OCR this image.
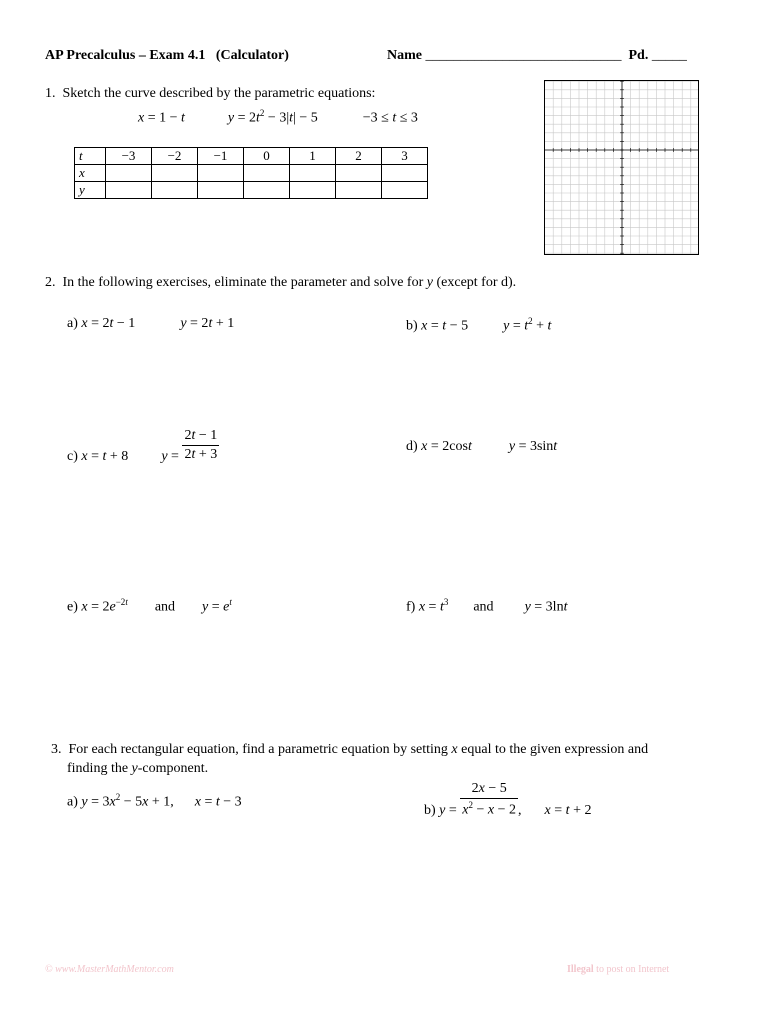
AP Precalculus – Exam 4.1 (Calculator)	Name ____________________________ Pd. _____
1. Sketch the curve described by the parametric equations:
x = 1 − t	$y = 2t^2 - 3|t| - 5$	−3 ≤ t ≤ 3
t	−3	−2	−1	0	1	2	3
x							
y							
2. In the following exercises, eliminate the parameter and solve for y (except for d).
a) x = 2t − 1	y = 2t + 1	b) x = t − 5  $y = t^2 + t$
c) x = t + 8 $y = \frac{2t - 1}{2t + 3}$	d) x = 2cost	y = 3sint
e) $x = 2e^{-2t}$ and $y = e^t$	f) $x = t^3$ and y = 3lnt
3. For each rectangular equation, find a parametric equation by setting x equal to the given expression and
finding the y-component.
a) $y = 3x^2 - 5x + 1$,  x = t − 3
b) $y = \frac{2x - 5}{x^2 - x - 2}$ , x = t + 2
© www.MasterMathMentor.com	Illegal to post on Internet
